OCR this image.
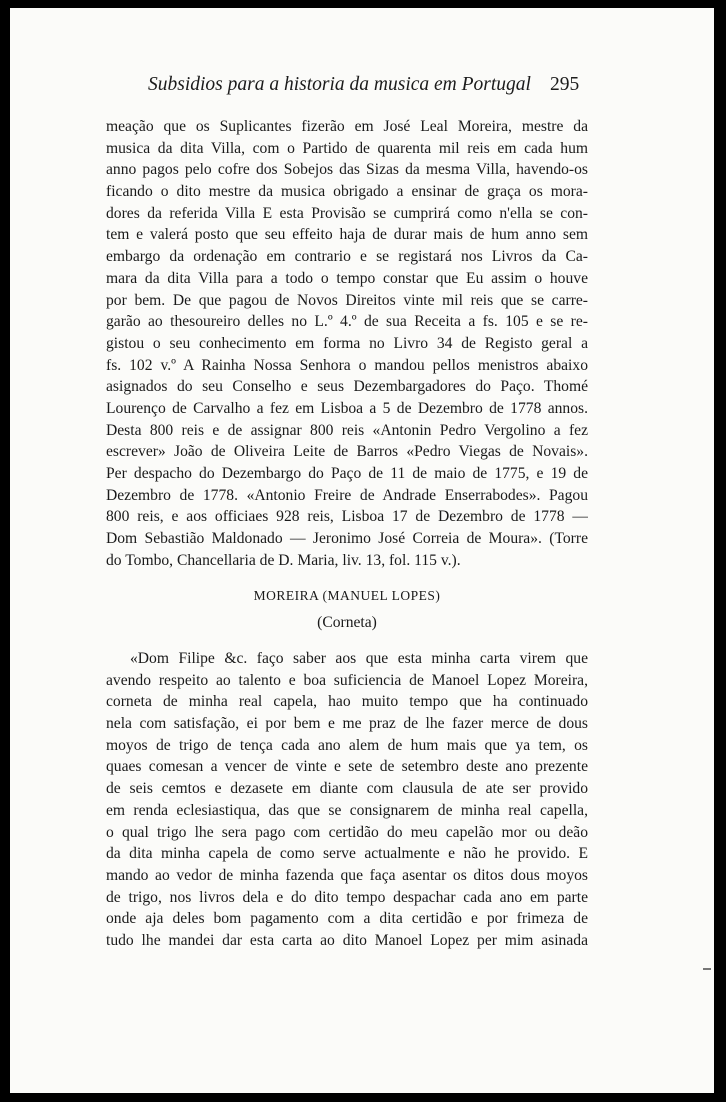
Subsidios para a historia da musica em Portugal 295
meação que os Suplicantes fizerão em José Leal Moreira, mestre da
musica da dita Villa, com o Partido de quarenta mil reis em cada hum
anno pagos pelo cofre dos Sobejos das Sizas da mesma Villa, havendo-os
ficando o dito mestre da musica obrigado a ensinar de graça os mora-
dores da referida Villa E esta Provisão se cumprirá como n'ella se con-
tem e valerá posto que seu effeito haja de durar mais de hum anno sem
embargo da ordenação em contrario e se registará nos Livros da Ca-
mara da dita Villa para a todo o tempo constar que Eu assim o houve
por bem. De que pagou de Novos Direitos vinte mil reis que se carre-
garão ao thesoureiro delles no L.º 4.º de sua Receita a fs. 105 e se re-
gistou o seu conhecimento em forma no Livro 34 de Registo geral a
fs. 102 v.º A Rainha Nossa Senhora o mandou pellos menistros abaixo
asignados do seu Conselho e seus Dezembargadores do Paço. Thomé
Lourenço de Carvalho a fez em Lisboa a 5 de Dezembro de 1778 annos.
Desta 800 reis e de assignar 800 reis «Antonin Pedro Vergolino a fez
escrever» João de Oliveira Leite de Barros «Pedro Viegas de Novais».
Per despacho do Dezembargo do Paço de 11 de maio de 1775, e 19 de
Dezembro de 1778. «Antonio Freire de Andrade Enserrabodes». Pagou
800 reis, e aos officiaes 928 reis, Lisboa 17 de Dezembro de 1778 —
Dom Sebastião Maldonado — Jeronimo José Correia de Moura». (Torre
do Tombo, Chancellaria de D. Maria, liv. 13, fol. 115 v.).
MOREIRA (MANUEL LOPES)
(Corneta)
«Dom Filipe &c. faço saber aos que esta minha carta virem que
avendo respeito ao talento e boa suficiencia de Manoel Lopez Moreira,
corneta de minha real capela, hao muito tempo que ha continuado
nela com satisfação, ei por bem e me praz de lhe fazer merce de dous
moyos de trigo de tença cada ano alem de hum mais que ya tem, os
quaes comesan a vencer de vinte e sete de setembro deste ano prezente
de seis cemtos e dezasete em diante com clausula de ate ser provido
em renda eclesiastiqua, das que se consignarem de minha real capella,
o qual trigo lhe sera pago com certidão do meu capelão mor ou deão
da dita minha capela de como serve actualmente e não he provido. E
mando ao vedor de minha fazenda que faça asentar os ditos dous moyos
de trigo, nos livros dela e do dito tempo despachar cada ano em parte
onde aja deles bom pagamento com a dita certidão e por frimeza de
tudo lhe mandei dar esta carta ao dito Manoel Lopez per mim asinada
